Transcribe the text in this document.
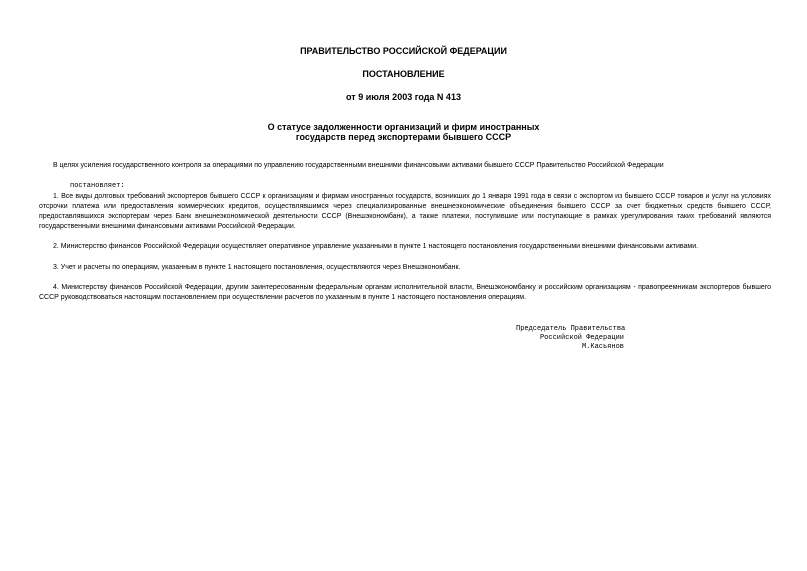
ПРАВИТЕЛЬСТВО РОССИЙСКОЙ ФЕДЕРАЦИИ
ПОСТАНОВЛЕНИЕ
от 9 июля 2003 года N 413
О статусе задолженности организаций и фирм иностранных
государств перед экспортерами бывшего СССР
В целях усиления государственного контроля за операциями по управлению государственными внешними финансовыми активами бывшего СССР Правительство Российской Федерации
постановляет:
1. Все виды долговых требований экспортеров бывшего СССР к организациям и фирмам иностранных государств, возникших до 1 января 1991 года в связи с экспортом из бывшего СССР товаров и услуг на условиях отсрочки платежа или предоставления коммерческих кредитов, осуществлявшимся через специализированные внешнеэкономические объединения бывшего СССР за счет бюджетных средств бывшего СССР, предоставлявшихся экспортерам через Банк внешнеэкономической деятельности СССР (Внешэкономбанк), а также платежи, поступившие или поступающие в рамках урегулирования таких требований являются государственными внешними финансовыми активами Российской Федерации.
2. Министерство финансов Российской Федерации осуществляет оперативное управление указанными в пункте 1 настоящего постановления государственными внешними финансовыми активами.
3. Учет и расчеты по операциям, указанным в пункте 1 настоящего постановления, осуществляются через Внешэкономбанк.
4. Министерству финансов Российской Федерации, другим заинтересованным федеральным органам исполнительной власти, Внешэкономбанку и российским организациям - правопреемникам экспортеров бывшего СССР руководствоваться настоящим постановлением при осуществлении расчетов по указанным в пункте 1 настоящего постановления операциям.
Председатель Правительства
Российской Федерации
М.Касьянов
